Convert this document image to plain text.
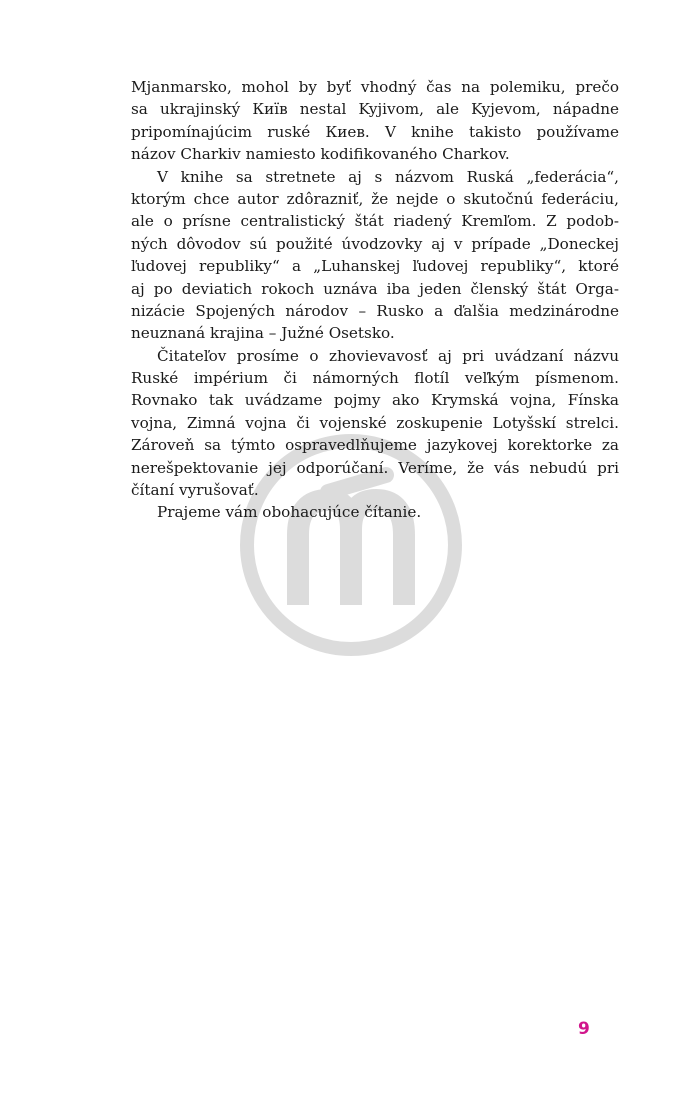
Mjanmarsko, mohol by byť vhodný čas na polemiku, prečo
sa ukrajinský Київ nestal Kyjivom, ale Kyjevom, nápadne
pripomínajúcim ruské Киев. V knihe takisto používame
názov Charkiv namiesto kodifikovaného Charkov.
V knihe sa stretnete aj s názvom Ruská „federácia“,
ktorým chce autor zdôrazniť, že nejde o skutočnú federáciu,
ale o prísne centralistický štát riadený Kremľom. Z podob-
ných dôvodov sú použité úvodzovky aj v prípade „Doneckej
ľudovej republiky“ a „Luhanskej ľudovej republiky“, ktoré
aj po deviatich rokoch uznáva iba jeden členský štát Orga-
nizácie Spojených národov – Rusko a ďalšia medzinárodne
neuznaná krajina – Južné Osetsko.
Čitateľov prosíme o zhovievavosť aj pri uvádzaní názvu
Ruské impérium či námorných flotíl veľkým písmenom.
Rovnako tak uvádzame pojmy ako Krymská vojna, Fínska
vojna, Zimná vojna či vojenské zoskupenie Lotyšskí strelci.
Zároveň sa týmto ospravedlňujeme jazykovej korektorke za
nerešpektovanie jej odporúčaní. Veríme, že vás nebudú pri
čítaní vyrušovať.
Prajeme vám obohacujúce čítanie.
9
